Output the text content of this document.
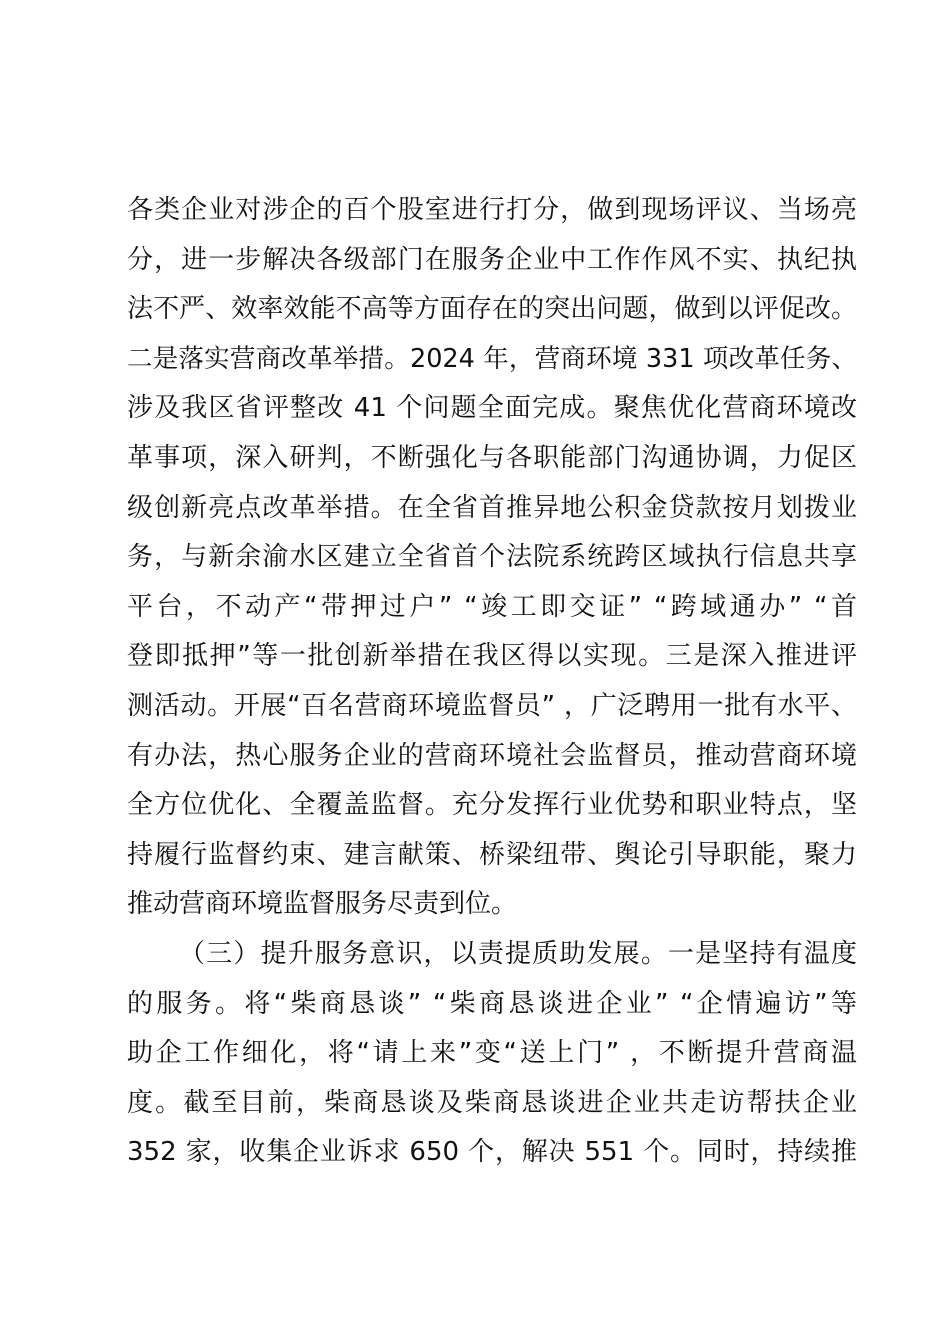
各类企业对涉企的百个股室进行打分，做到现场评议、当场亮
分，进一步解决各级部门在服务企业中工作作风不实、执纪执
法不严、效率效能不高等方面存在的突出问题，做到以评促改。
二是落实营商改革举措。2024 年，营商环境 331 项改革任务、
涉及我区省评整改 41 个问题全面完成。聚焦优化营商环境改
革事项，深入研判，不断强化与各职能部门沟通协调，力促区
级创新亮点改革举措。在全省首推异地公积金贷款按月划拨业
务，与新余渝水区建立全省首个法院系统跨区域执行信息共享
平台，不动产“带押过户” “竣工即交证” “跨域通办” “首
登即抵押”等一批创新举措在我区得以实现。三是深入推进评
测活动。开展“百名营商环境监督员” ，广泛聘用一批有水平、
有办法，热心服务企业的营商环境社会监督员，推动营商环境
全方位优化、全覆盖监督。充分发挥行业优势和职业特点，坚
持履行监督约束、建言献策、桥梁纽带、舆论引导职能，聚力
推动营商环境监督服务尽责到位。
（三）提升服务意识，以责提质助发展。一是坚持有温度
的服务。将“柴商恳谈” “柴商恳谈进企业” “企情遍访”等
助企工作细化，将“请上来”变“送上门” ，不断提升营商温
度。截至目前，柴商恳谈及柴商恳谈进企业共走访帮扶企业
352 家，收集企业诉求 650 个，解决 551 个。同时，持续推
